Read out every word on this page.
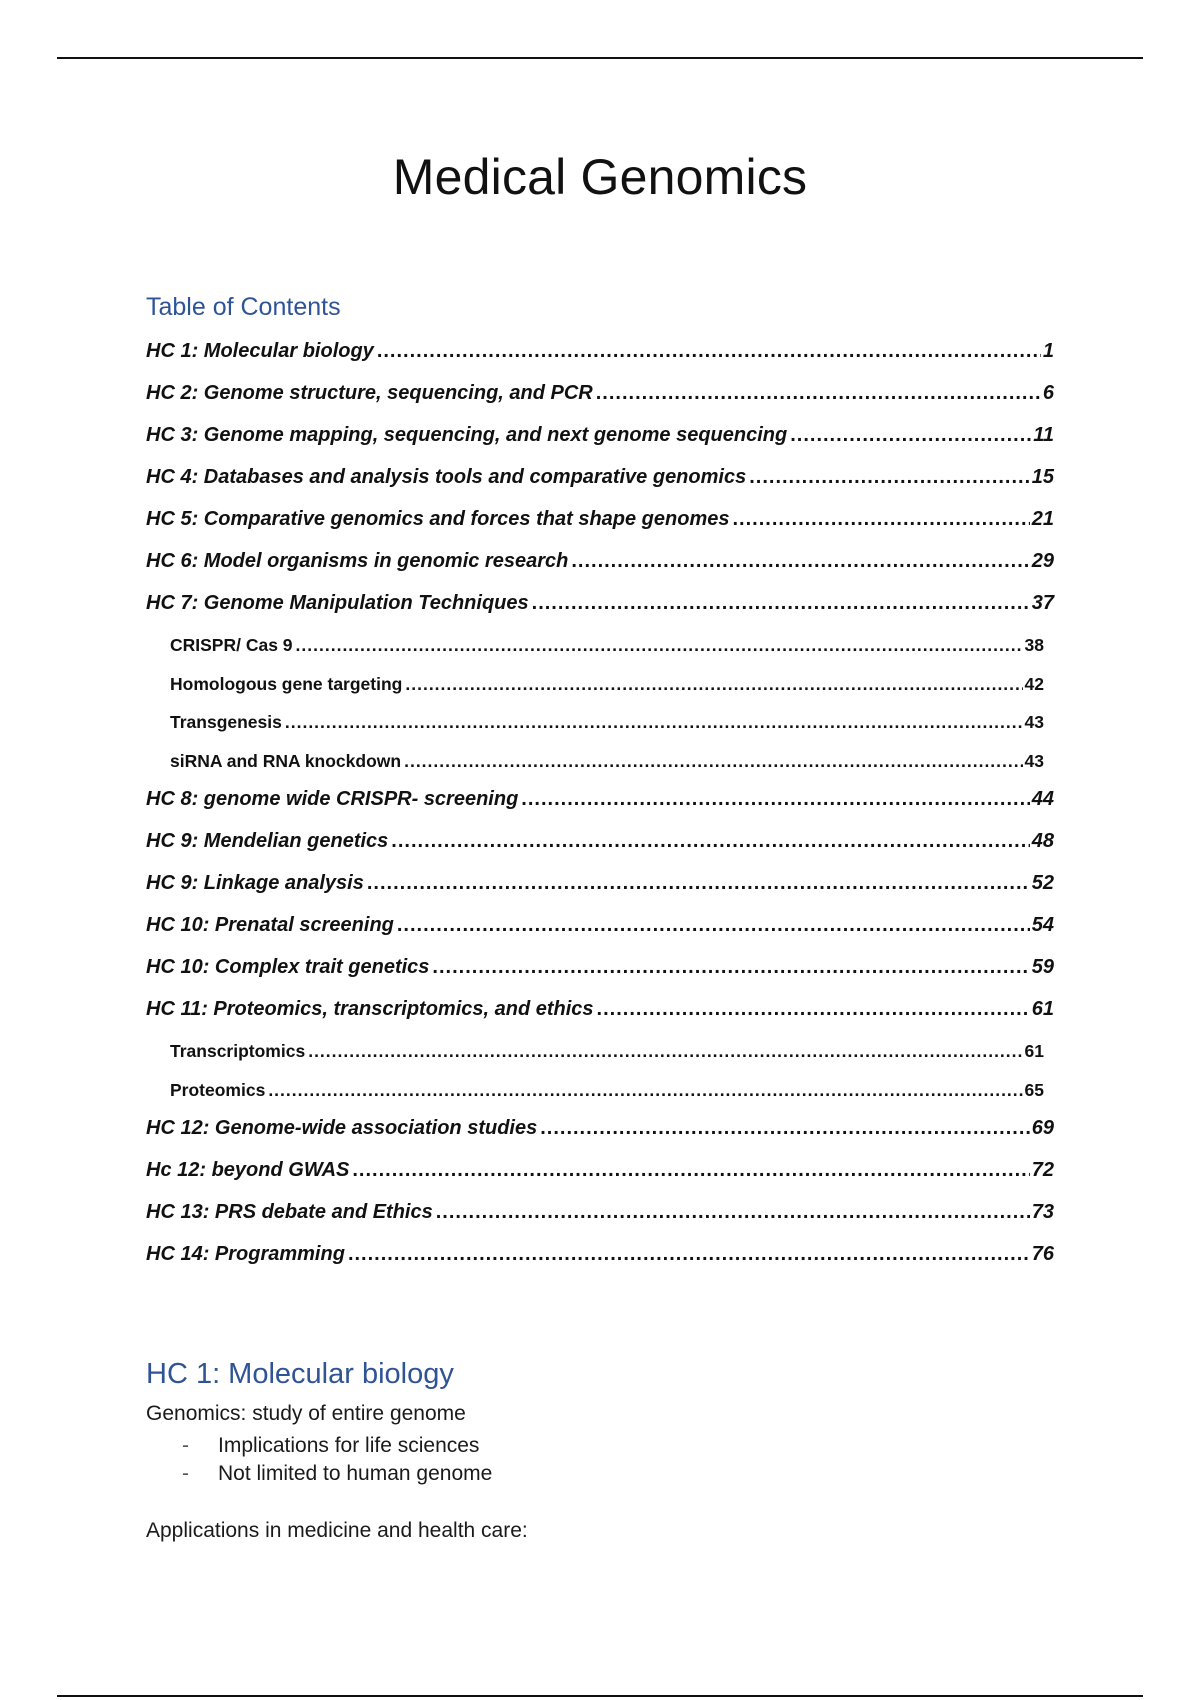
Medical Genomics
Table of Contents
HC 1: Molecular biology .....	1
HC 2: Genome structure, sequencing, and PCR .....	6
HC 3: Genome mapping, sequencing, and next genome sequencing .....	11
HC 4: Databases and analysis tools and comparative genomics .....	15
HC 5: Comparative genomics and forces that shape genomes .....	21
HC 6: Model organisms in genomic research .....	29
HC 7: Genome Manipulation Techniques .....	37
CRISPR/ Cas 9 .....	38
Homologous gene targeting .....	42
Transgenesis .....	43
siRNA and RNA knockdown .....	43
HC 8: genome wide CRISPR- screening .....	44
HC 9: Mendelian genetics .....	48
HC 9: Linkage analysis .....	52
HC 10: Prenatal screening .....	54
HC 10: Complex trait genetics .....	59
HC 11: Proteomics, transcriptomics, and ethics .....	61
Transcriptomics .....	61
Proteomics .....	65
HC 12: Genome-wide association studies .....	69
Hc 12: beyond GWAS .....	72
HC 13: PRS debate and Ethics .....	73
HC 14: Programming .....	76
HC 1: Molecular biology
Genomics: study of entire genome
- Implications for life sciences
- Not limited to human genome
Applications in medicine and health care:
